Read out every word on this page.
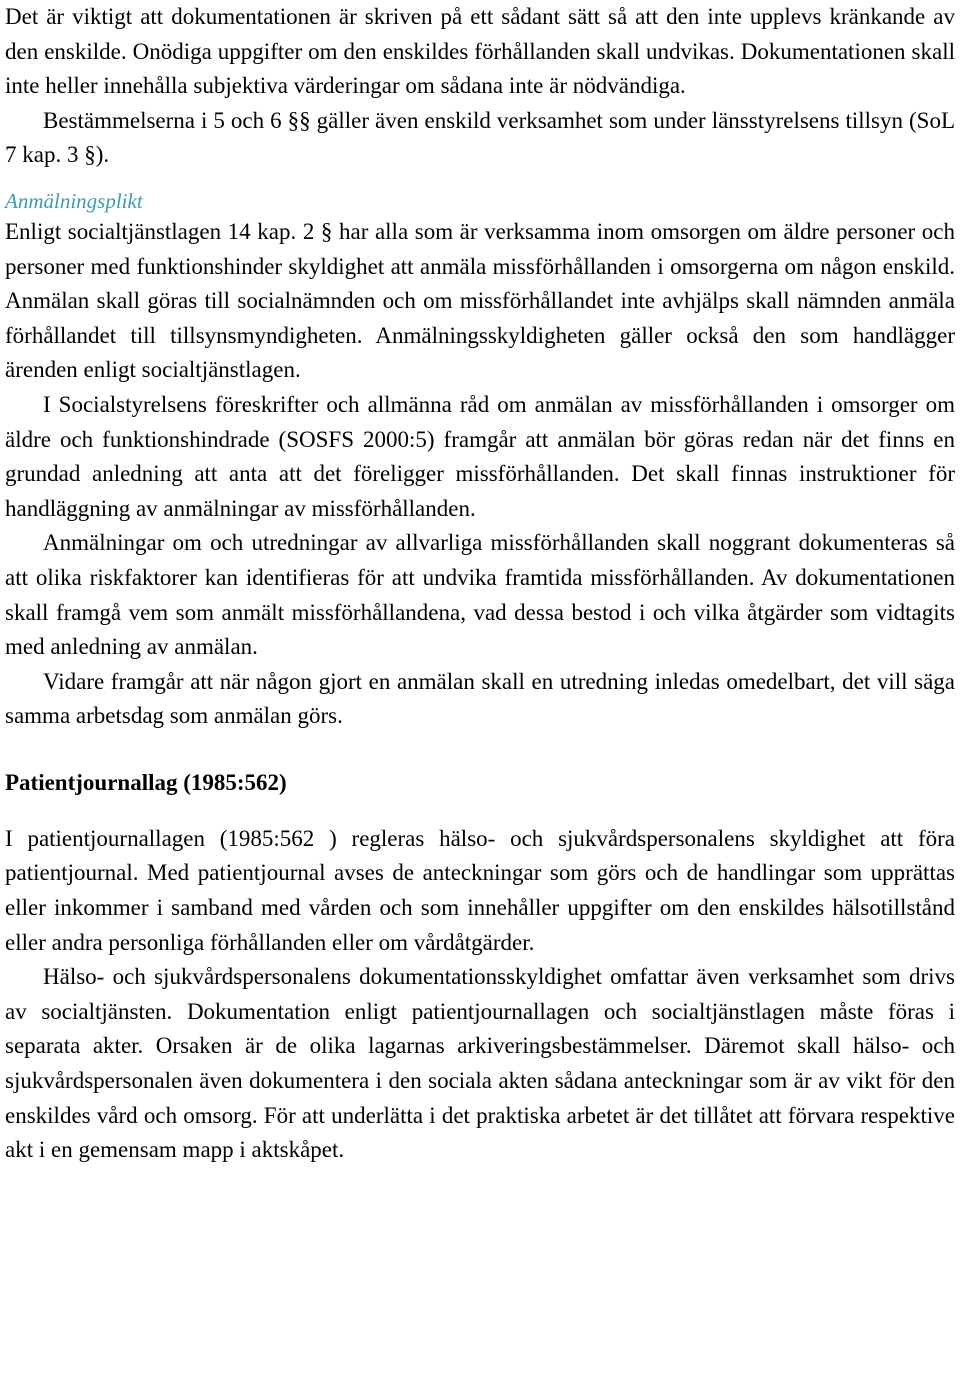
Det är viktigt att dokumentationen är skriven på ett sådant sätt så att den inte upplevs kränkande av den enskilde. Onödiga uppgifter om den enskildes förhållanden skall undvikas. Dokumentationen skall inte heller innehålla subjektiva värderingar om sådana inte är nödvändiga.

Bestämmelserna i 5 och 6 §§ gäller även enskild verksamhet som under länsstyrelsens tillsyn (SoL 7 kap. 3 §).

Anmälningsplikt

Enligt socialtjänstlagen 14 kap. 2 § har alla som är verksamma inom omsorgen om äldre personer och personer med funktionshinder skyldighet att anmäla missförhållanden i omsorgerna om någon enskild. Anmälan skall göras till socialnämnden och om missförhållandet inte avhjälps skall nämnden anmäla förhållandet till tillsynsmyndigheten. Anmälningsskyldigheten gäller också den som handlägger ärenden enligt socialtjänstlagen.

I Socialstyrelsens föreskrifter och allmänna råd om anmälan av missförhållanden i omsorger om äldre och funktionshindrade (SOSFS 2000:5) framgår att anmälan bör göras redan när det finns en grundad anledning att anta att det föreligger missförhållanden. Det skall finnas instruktioner för handläggning av anmälningar av missförhållanden.

Anmälningar om och utredningar av allvarliga missförhållanden skall noggrant dokumenteras så att olika riskfaktorer kan identifieras för att undvika framtida missförhållanden. Av dokumentationen skall framgå vem som anmält missförhållandena, vad dessa bestod i och vilka åtgärder som vidtagits med anledning av anmälan.

Vidare framgår att när någon gjort en anmälan skall en utredning inledas omedelbart, det vill säga samma arbetsdag som anmälan görs.

Patientjournallag (1985:562)

I patientjournallagen (1985:562 ) regleras hälso- och sjukvårdspersonalens skyldighet att föra patientjournal. Med patientjournal avses de anteckningar som görs och de handlingar som upprättas eller inkommer i samband med vården och som innehåller uppgifter om den enskildes hälsotillstånd eller andra personliga förhållanden eller om vårdåtgärder.

Hälso- och sjukvårdspersonalens dokumentationsskyldighet omfattar även verksamhet som drivs av socialtjänsten. Dokumentation enligt patientjournallagen och socialtjänstlagen måste föras i separata akter. Orsaken är de olika lagarnas arkiveringsbestämmelser. Däremot skall hälso- och sjukvårdspersonalen även dokumentera i den sociala akten sådana anteckningar som är av vikt för den enskildes vård och omsorg. För att underlätta i det praktiska arbetet är det tillåtet att förvara respektive akt i en gemensam mapp i aktskåpet.
